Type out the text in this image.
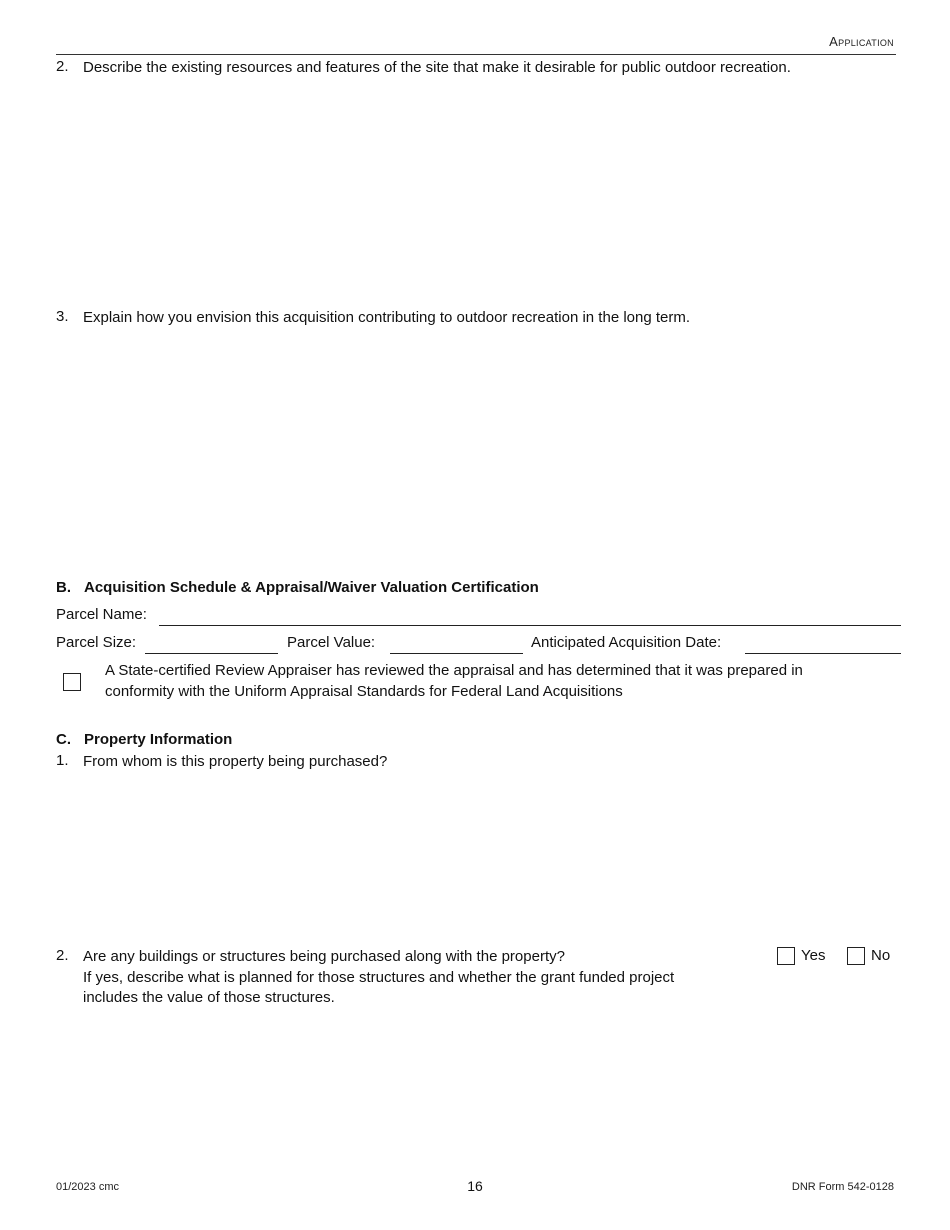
Application
2. Describe the existing resources and features of the site that make it desirable for public outdoor recreation.
3. Explain how you envision this acquisition contributing to outdoor recreation in the long term.
B. Acquisition Schedule & Appraisal/Waiver Valuation Certification
Parcel Name:
Parcel Size:	Parcel Value:	Anticipated Acquisition Date:
A State-certified Review Appraiser has reviewed the appraisal and has determined that it was prepared in
conformity with the Uniform Appraisal Standards for Federal Land Acquisitions
C. Property Information
1. From whom is this property being purchased?
2. Are any buildings or structures being purchased along with the property?
If yes, describe what is planned for those structures and whether the grant funded project
includes the value of those structures.
Yes	No
01/2023 cmc	16	DNR Form 542-0128
